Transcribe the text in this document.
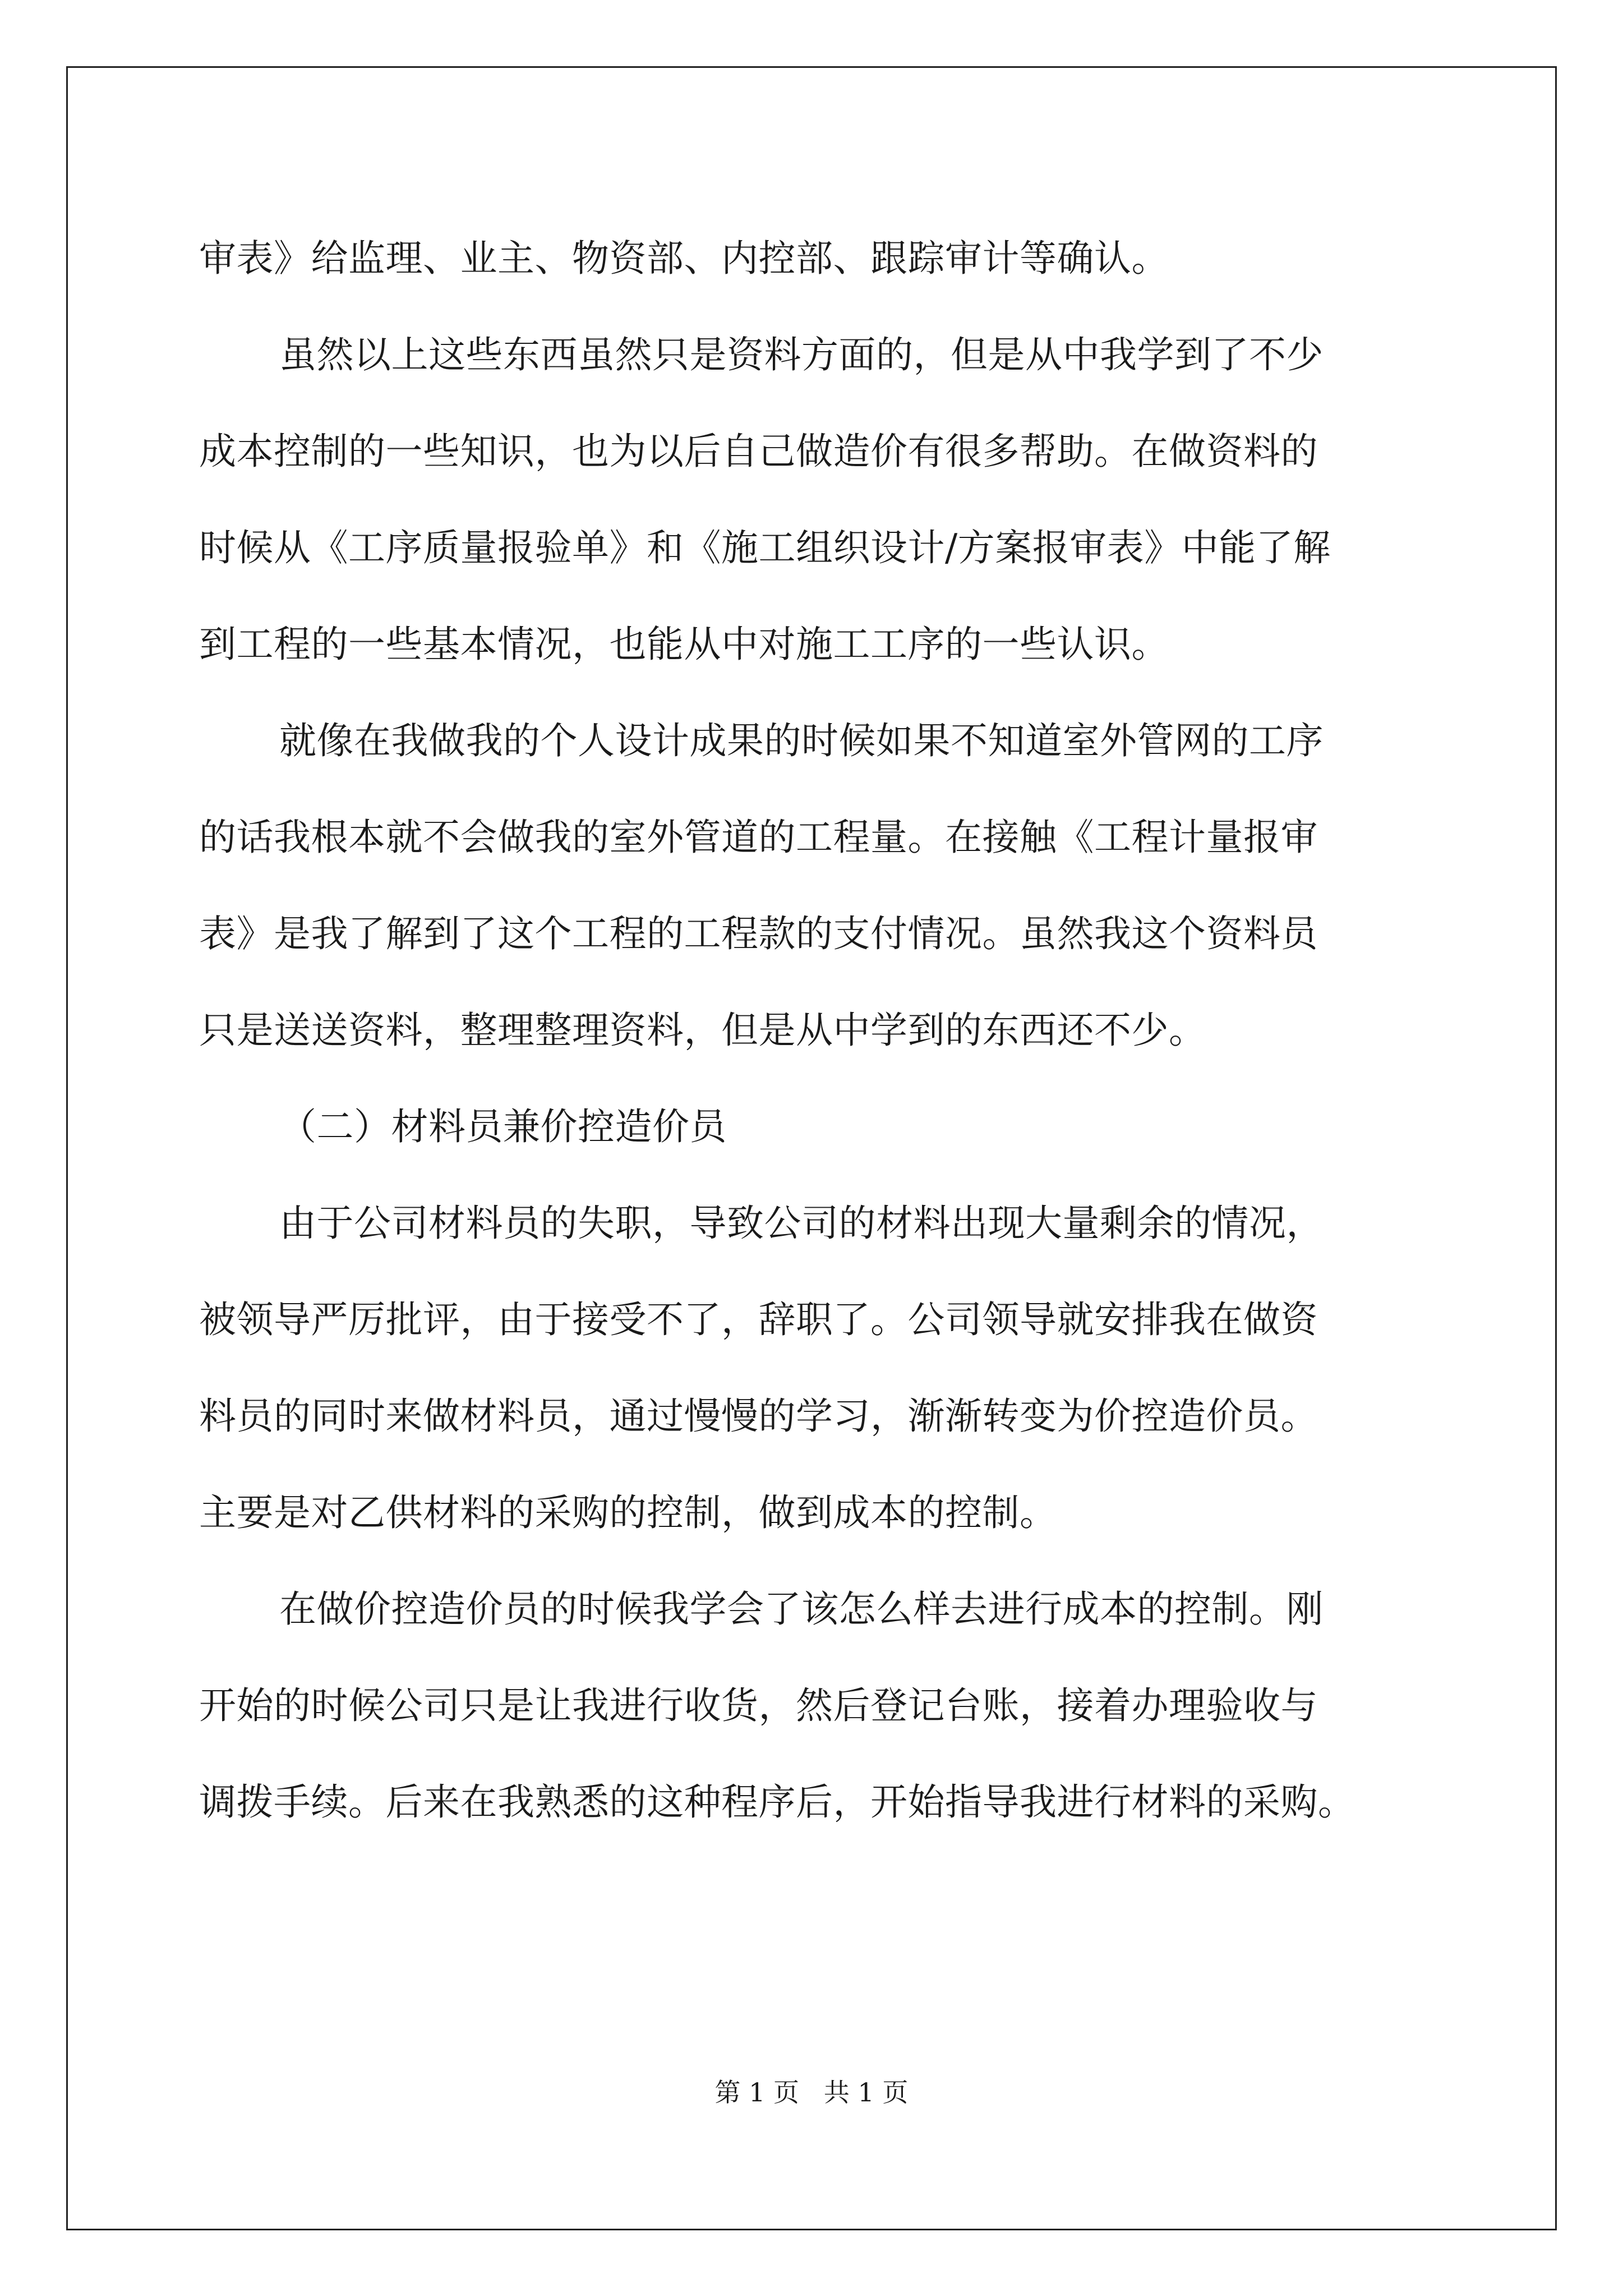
审表》给监理、业主、物资部、内控部、跟踪审计等确认。
虽然以上这些东西虽然只是资料方面的，但是从中我学到了不少
成本控制的一些知识，也为以后自己做造价有很多帮助。在做资料的
时候从《工序质量报验单》和《施工组织设计/方案报审表》中能了解
到工程的一些基本情况，也能从中对施工工序的一些认识。
就像在我做我的个人设计成果的时候如果不知道室外管网的工序
的话我根本就不会做我的室外管道的工程量。在接触《工程计量报审
表》是我了解到了这个工程的工程款的支付情况。虽然我这个资料员
只是送送资料，整理整理资料，但是从中学到的东西还不少。
（二）材料员兼价控造价员
由于公司材料员的失职，导致公司的材料出现大量剩余的情况，
被领导严厉批评，由于接受不了，辞职了。公司领导就安排我在做资
料员的同时来做材料员，通过慢慢的学习，渐渐转变为价控造价员。
主要是对乙供材料的采购的控制，做到成本的控制。
在做价控造价员的时候我学会了该怎么样去进行成本的控制。刚
开始的时候公司只是让我进行收货，然后登记台账，接着办理验收与
调拨手续。后来在我熟悉的这种程序后，开始指导我进行材料的采购。
第 1 页   共 1 页
